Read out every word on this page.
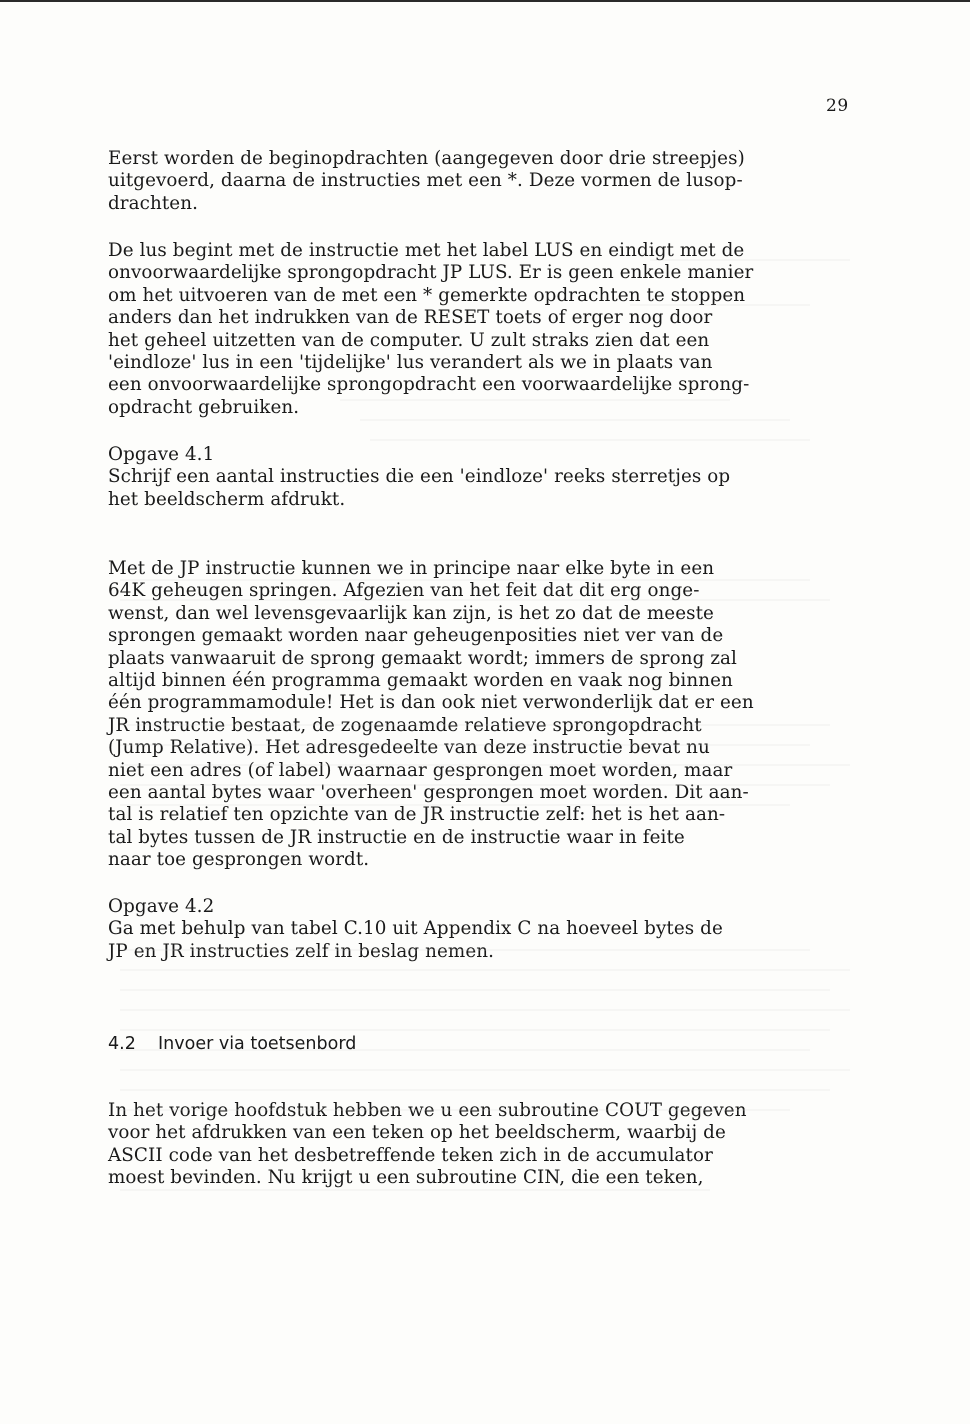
29
Eerst worden de beginopdrachten (aangegeven door drie streepjes)
uitgevoerd, daarna de instructies met een *. Deze vormen de lusop-
drachten.
De lus begint met de instructie met het label LUS en eindigt met de
onvoorwaardelijke sprongopdracht JP LUS. Er is geen enkele manier
om het uitvoeren van de met een * gemerkte opdrachten te stoppen
anders dan het indrukken van de RESET toets of erger nog door
het geheel uitzetten van de computer. U zult straks zien dat een
'eindloze' lus in een 'tijdelijke' lus verandert als we in plaats van
een onvoorwaardelijke sprongopdracht een voorwaardelijke sprong-
opdracht gebruiken.
Opgave 4.1
Schrijf een aantal instructies die een 'eindloze' reeks sterretjes op
het beeldscherm afdrukt.
Met de JP instructie kunnen we in principe naar elke byte in een
64K geheugen springen. Afgezien van het feit dat dit erg onge-
wenst, dan wel levensgevaarlijk kan zijn, is het zo dat de meeste
sprongen gemaakt worden naar geheugenposities niet ver van de
plaats vanwaaruit de sprong gemaakt wordt; immers de sprong zal
altijd binnen één programma gemaakt worden en vaak nog binnen
één programmamodule! Het is dan ook niet verwonderlijk dat er een
JR instructie bestaat, de zogenaamde relatieve sprongopdracht
(Jump Relative). Het adresgedeelte van deze instructie bevat nu
niet een adres (of label) waarnaar gesprongen moet worden, maar
een aantal bytes waar 'overheen' gesprongen moet worden. Dit aan-
tal is relatief ten opzichte van de JR instructie zelf: het is het aan-
tal bytes tussen de JR instructie en de instructie waar in feite
naar toe gesprongen wordt.
Opgave 4.2
Ga met behulp van tabel C.10 uit Appendix C na hoeveel bytes de
JP en JR instructies zelf in beslag nemen.
In het vorige hoofdstuk hebben we u een subroutine COUT gegeven
voor het afdrukken van een teken op het beeldscherm, waarbij de
ASCII code van het desbetreffende teken zich in de accumulator
moest bevinden. Nu krijgt u een subroutine CIN, die een teken,
4.2 Invoer via toetsenbord
